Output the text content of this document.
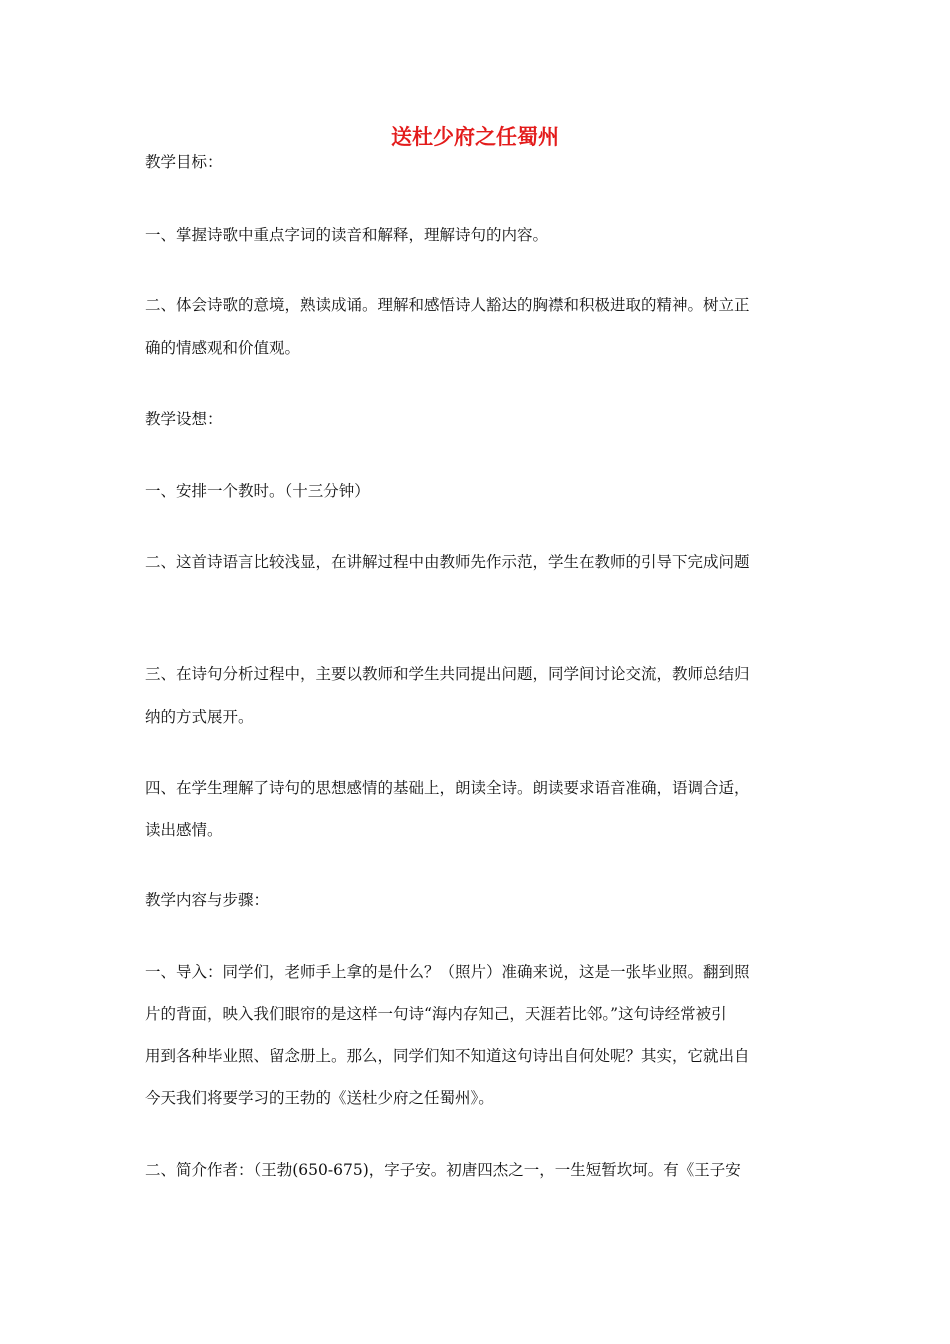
送杜少府之任蜀州
教学目标：
一、掌握诗歌中重点字词的读音和解释，理解诗句的内容。
二、体会诗歌的意境，熟读成诵。理解和感悟诗人豁达的胸襟和积极进取的精神。树立正
确的情感观和价值观。
教学设想：
一、安排一个教时。（十三分钟）
二、这首诗语言比较浅显，在讲解过程中由教师先作示范，学生在教师的引导下完成问题
三、在诗句分析过程中，主要以教师和学生共同提出问题，同学间讨论交流，教师总结归
纳的方式展开。
四、在学生理解了诗句的思想感情的基础上，朗读全诗。朗读要求语音准确，语调合适，
读出感情。
教学内容与步骤：
一、导入：同学们，老师手上拿的是什么？（照片）准确来说，这是一张毕业照。翻到照
片的背面，映入我们眼帘的是这样一句诗“海内存知己，天涯若比邻。”这句诗经常被引
用到各种毕业照、留念册上。那么，同学们知不知道这句诗出自何处呢？其实，它就出自
今天我们将要学习的王勃的《送杜少府之任蜀州》。
二、简介作者：（王勃(650-675)，字子安。初唐四杰之一，一生短暂坎坷。有《王子安
